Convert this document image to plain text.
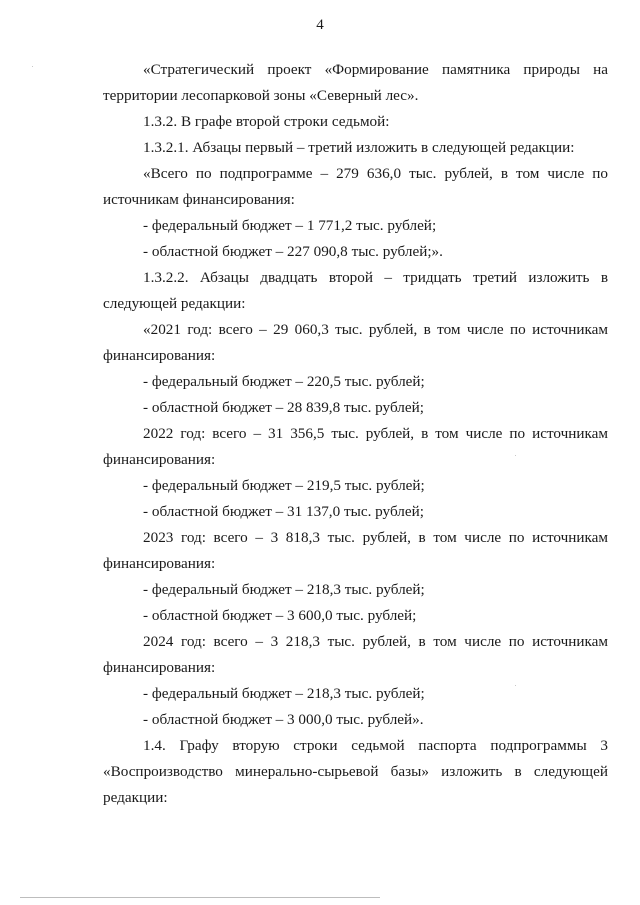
4

«Стратегический проект «Формирование памятника природы на территории лесопарковой зоны «Северный лес».

1.3.2. В графе второй строки седьмой:

1.3.2.1. Абзацы первый – третий изложить в следующей редакции:

«Всего по подпрограмме – 279 636,0 тыс. рублей, в том числе по источникам финансирования:

- федеральный бюджет – 1 771,2 тыс. рублей;

- областной бюджет – 227 090,8 тыс. рублей;».

1.3.2.2. Абзацы двадцать второй – тридцать третий изложить в следующей редакции:

«2021 год: всего – 29 060,3 тыс. рублей, в том числе по источникам финансирования:

- федеральный бюджет – 220,5 тыс. рублей;

- областной бюджет – 28 839,8 тыс. рублей;

2022 год: всего – 31 356,5 тыс. рублей, в том числе по источникам финансирования:

- федеральный бюджет – 219,5 тыс. рублей;

- областной бюджет – 31 137,0 тыс. рублей;

2023 год: всего – 3 818,3 тыс. рублей, в том числе по источникам финансирования:

- федеральный бюджет – 218,3 тыс. рублей;

- областной бюджет – 3 600,0 тыс. рублей;

2024 год: всего – 3 218,3 тыс. рублей, в том числе по источникам финансирования:

- федеральный бюджет – 218,3 тыс. рублей;

- областной бюджет – 3 000,0 тыс. рублей».

1.4. Графу вторую строки седьмой паспорта подпрограммы 3 «Воспроизводство минерально-сырьевой базы» изложить в следующей редакции:
